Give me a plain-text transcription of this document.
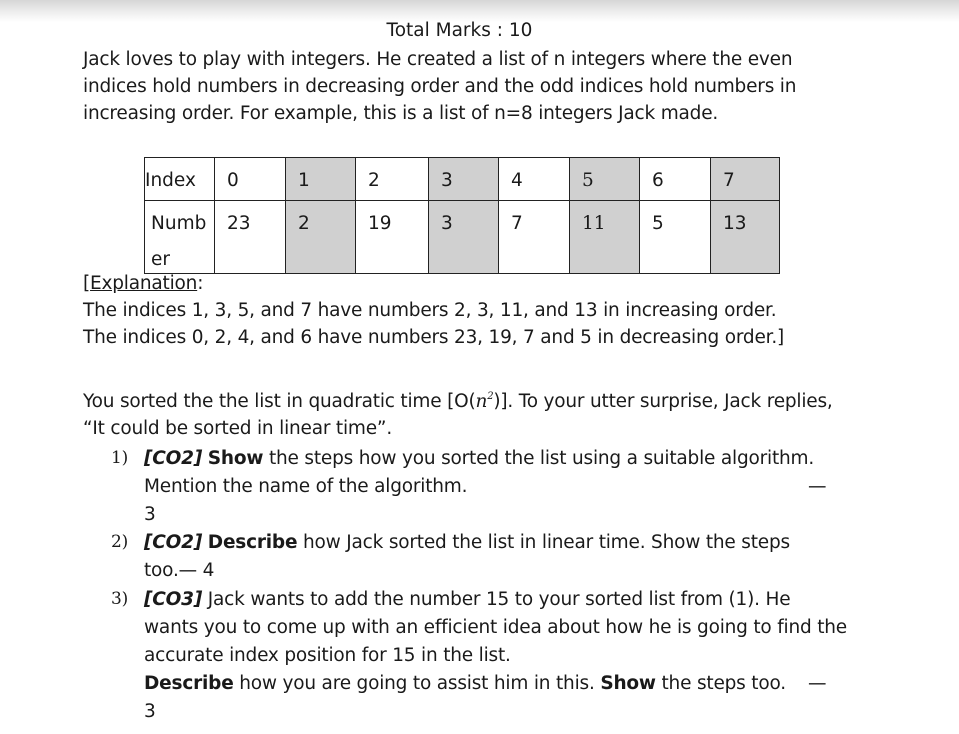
Total Marks : 10
Jack loves to play with integers. He created a list of n integers where the even
indices hold numbers in decreasing order and the odd indices hold numbers in
increasing order. For example, this is a list of n=8 integers Jack made.
Index	0	1	2	3	4	5	6	7

Numb
er	23	2	19	3	7	11	5	13
[Explanation:
The indices 1, 3, 5, and 7 have numbers 2, 3, 11, and 13 in increasing order.
The indices 0, 2, 4, and 6 have numbers 23, 19, 7 and 5 in decreasing order.]
You sorted the the list in quadratic time $[O(n^2)]$. To your utter surprise, Jack replies,
“It could be sorted in linear time”.
1) [CO2] Show the steps how you sorted the list using a suitable algorithm.
Mention the name of the algorithm.	—
3
2) [CO2] Describe how Jack sorted the list in linear time. Show the steps
too.— 4
3) [CO3] Jack wants to add the number 15 to your sorted list from (1). He
wants you to come up with an efficient idea about how he is going to find the
accurate index position for 15 in the list.
Describe how you are going to assist him in this. Show the steps too. —
3
